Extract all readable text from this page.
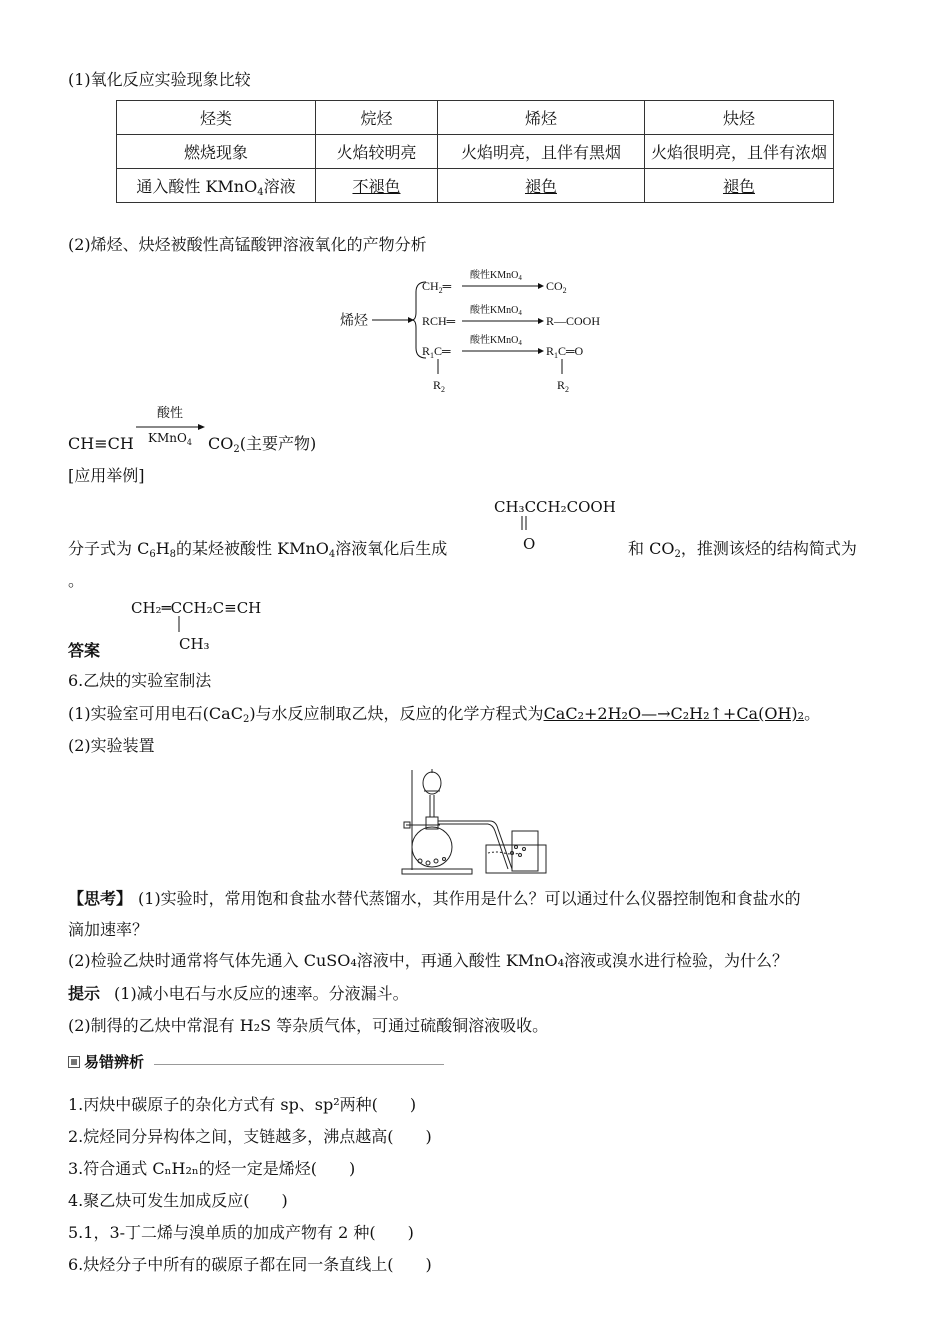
(1)氧化反应实验现象比较
烃类	烷烃	烯烃	炔烃
燃烧现象	火焰较明亮	火焰明亮，且伴有黑烟	火焰很明亮，且伴有浓烟
通入酸性 KMnO$_4$溶液	不褪色	褪色	褪色
(2)烯烃、炔烃被酸性高锰酸钾溶液氧化的产物分析
烯烃
$CH_2═$
酸性KMnO$_4$
$CO_2$
RCH═
酸性KMnO$_4$
R—COOH
$R_1C═$
酸性KMnO$_4$
$R_1C═O$
$R_2$	$R_2$
CH≡CH
酸性
KMnO$_4$ $CO_2$(主要产物)
[应用举例]
CH₃CCH₂COOH
O
分子式为 $C_6H_8$的某烃被酸性 KMnO$_4$溶液氧化后生成	和 $CO_2$，推测该烃的结构简式为
。
CH₂═CCH₂C≡CH
CH₃
答案
6.乙炔的实验室制法
(1)实验室可用电石(CaC$_2$)与水反应制取乙炔，反应的化学方程式为CaC₂+2H₂O—→C₂H₂↑+Ca(OH)₂。
(2)实验装置
【思考】 (1)实验时，常用饱和食盐水替代蒸馏水，其作用是什么？可以通过什么仪器控制饱和食盐水的
滴加速率？
(2)检验乙炔时通常将气体先通入 CuSO₄溶液中，再通入酸性 KMnO₄溶液或溴水进行检验，为什么？
提示 (1)减小电石与水反应的速率。分液漏斗。
(2)制得的乙炔中常混有 H₂S 等杂质气体，可通过硫酸铜溶液吸收。
易错辨析
1.丙炔中碳原子的杂化方式有 sp、sp²两种(　　)
2.烷烃同分异构体之间，支链越多，沸点越高(　　)
3.符合通式 CₙH₂ₙ的烃一定是烯烃(　　)
4.聚乙炔可发生加成反应(　　)
5.1，3-丁二烯与溴单质的加成产物有 2 种(　　)
6.炔烃分子中所有的碳原子都在同一条直线上(　　)
